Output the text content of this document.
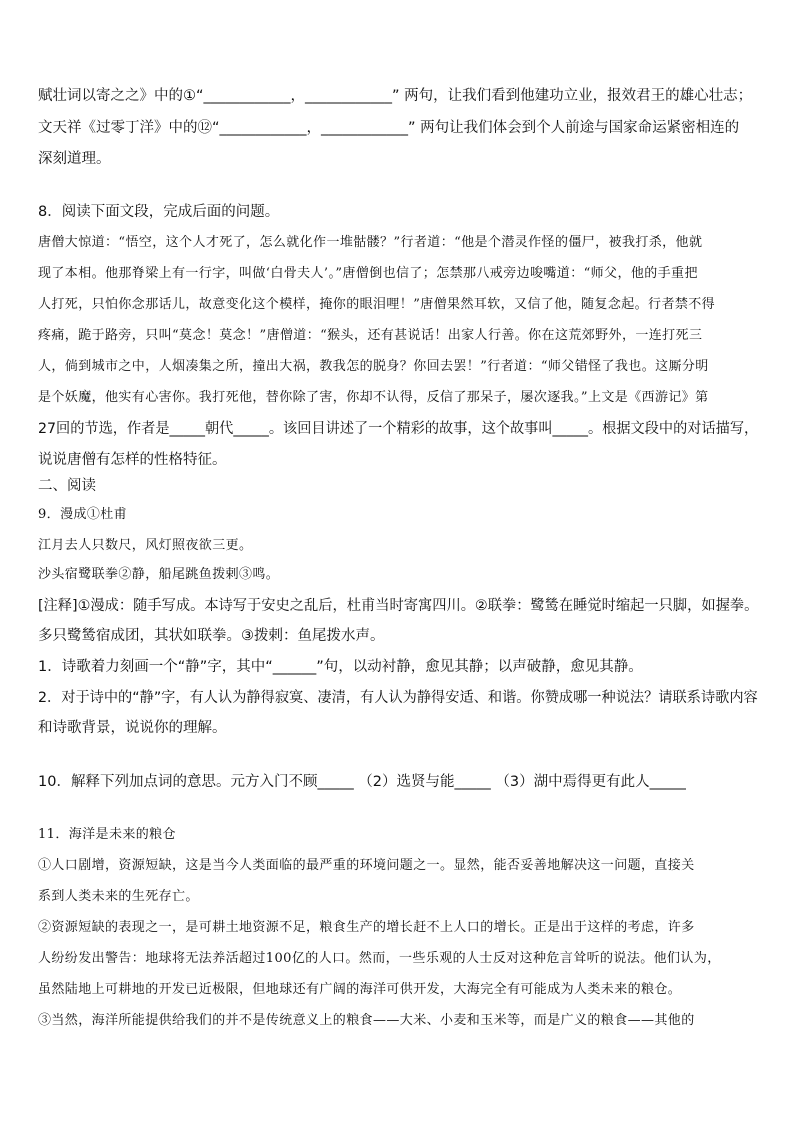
赋壮词以寄之之》中的①“____________，____________” 两句，让我们看到他建功立业，报效君王的雄心壮志；
文天祥《过零丁洋》中的⑫“____________，____________” 两句让我们体会到个人前途与国家命运紧密相连的
深刻道理。
8．阅读下面文段，完成后面的问题。
唐僧大惊道：“悟空，这个人才死了，怎么就化作一堆骷髅？”行者道：“他是个潜灵作怪的僵尸，被我打杀，他就
现了本相。他那脊梁上有一行字，叫做‘白骨夫人’。”唐僧倒也信了；怎禁那八戒旁边唆嘴道：“师父，他的手重把
人打死，只怕你念那话儿，故意变化这个模样，掩你的眼泪哩！”唐僧果然耳软，又信了他，随复念起。行者禁不得
疼痛，跪于路旁，只叫“莫念！莫念！”唐僧道：“猴头，还有甚说话！出家人行善。你在这荒郊野外，一连打死三
人，倘到城市之中，人烟凑集之所，撞出大祸，教我怎的脱身？你回去罢！”行者道：“师父错怪了我也。这厮分明
是个妖魔，他实有心害你。我打死他，替你除了害，你却不认得，反信了那呆子，屡次逐我。”上文是《西游记》第
27回的节选，作者是_____朝代_____。该回目讲述了一个精彩的故事，这个故事叫_____。根据文段中的对话描写，
说说唐僧有怎样的性格特征。
二、阅读
9．漫成①杜甫
江月去人只数尺，风灯照夜欲三更。
沙头宿鹭联拳②静，船尾跳鱼拨剌③鸣。
[注释]①漫成：随手写成。本诗写于安史之乱后，杜甫当时寄寓四川。②联拳：鹭鸶在睡觉时缩起一只脚，如握拳。
多只鹭鸶宿成团，其状如联拳。③拨剌：鱼尾拨水声。
1．诗歌着力刻画一个“静”字，其中“______”句，以动衬静，愈见其静；以声破静，愈见其静。
2．对于诗中的“静”字，有人认为静得寂寞、凄清，有人认为静得安适、和谐。你赞成哪一种说法？请联系诗歌内容
和诗歌背景，说说你的理解。
10．解释下列加点词的意思。元方入门不顾_____ （2）选贤与能_____ （3）湖中焉得更有此人_____
11．海洋是未来的粮仓
①人口剧增，资源短缺，这是当今人类面临的最严重的环境问题之一。显然，能否妥善地解决这一问题，直接关
系到人类未来的生死存亡。
②资源短缺的表现之一，是可耕土地资源不足，粮食生产的增长赶不上人口的增长。正是出于这样的考虑，许多
人纷纷发出警告：地球将无法养活超过100亿的人口。然而，一些乐观的人士反对这种危言耸听的说法。他们认为，
虽然陆地上可耕地的开发已近极限，但地球还有广阔的海洋可供开发，大海完全有可能成为人类未来的粮仓。
③当然，海洋所能提供给我们的并不是传统意义上的粮食——大米、小麦和玉米等，而是广义的粮食——其他的
